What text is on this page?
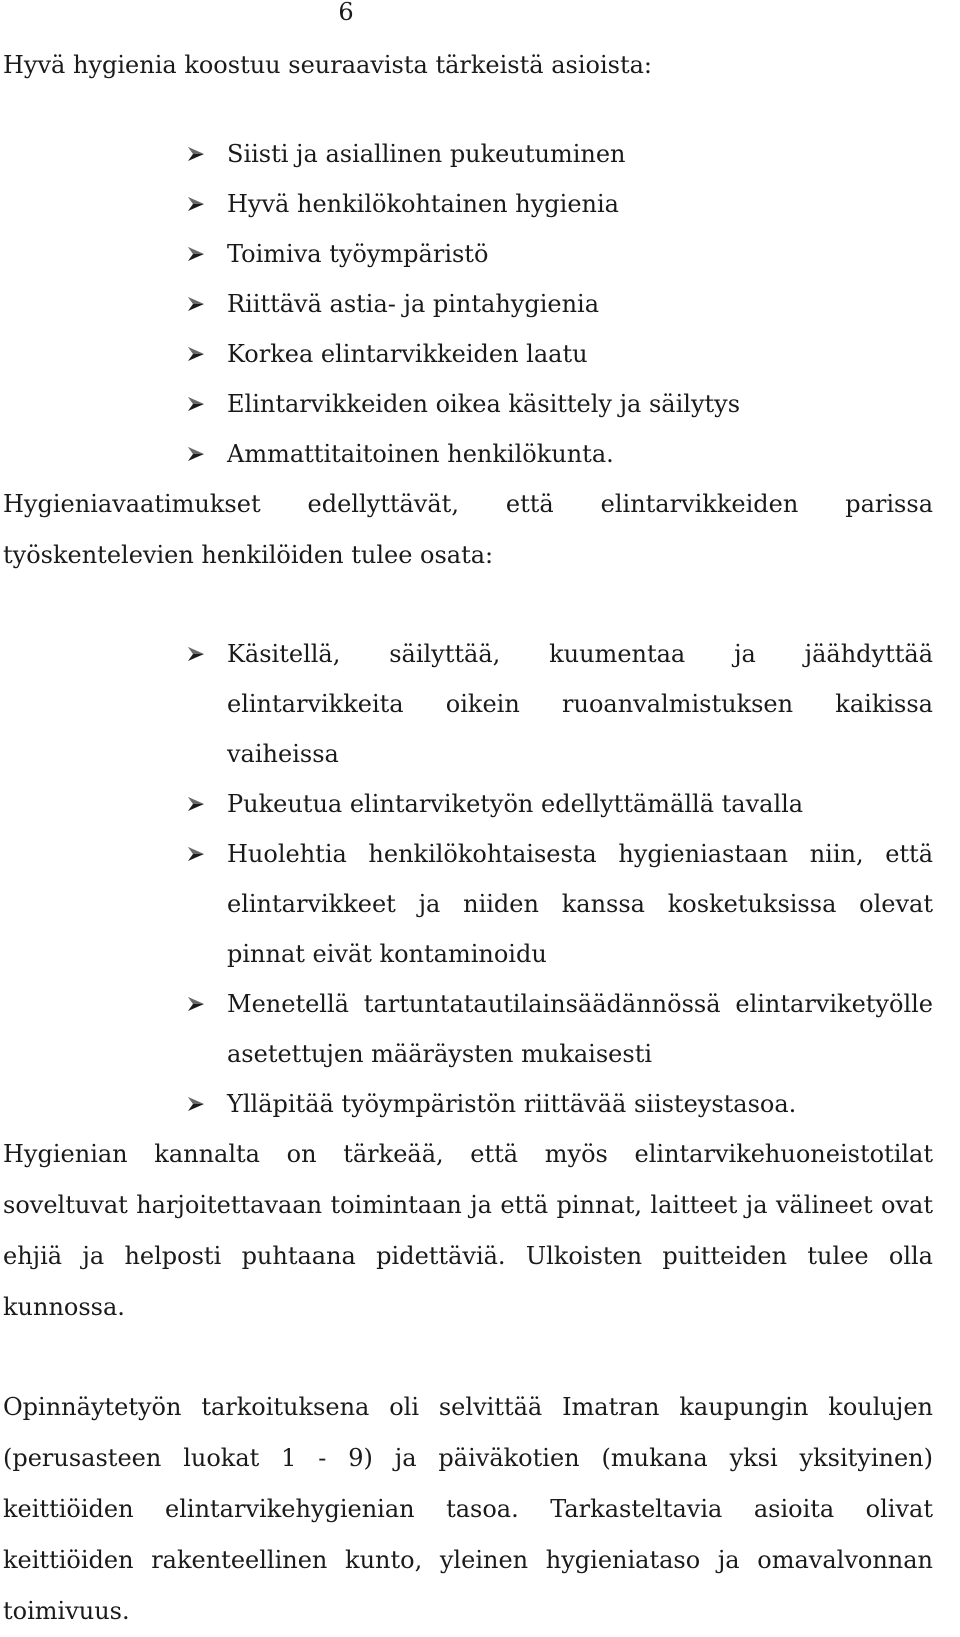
6

Hyvä hygienia koostuu seuraavista tärkeistä asioista:

Siisti ja asiallinen pukeutuminen
Hyvä henkilökohtainen hygienia
Toimiva työympäristö
Riittävä astia- ja pintahygienia
Korkea elintarvikkeiden laatu
Elintarvikkeiden oikea käsittely ja säilytys
Ammattitaitoinen henkilökunta.

Hygieniavaatimukset edellyttävät, että elintarvikkeiden parissa työskentelevien henkilöiden tulee osata:

Käsitellä, säilyttää, kuumentaa ja jäähdyttää elintarvikkeita oikein ruoanvalmistuksen kaikissa vaiheissa
Pukeutua elintarviketyön edellyttämällä tavalla
Huolehtia henkilökohtaisesta hygieniastaan niin, että elintarvikkeet ja niiden kanssa kosketuksissa olevat pinnat eivät kontaminoidu
Menetellä tartuntatautilainsäädännössä elintarviketyölle asetettujen määräysten mukaisesti
Ylläpitää työympäristön riittävää siisteystasoa.

Hygienian kannalta on tärkeää, että myös elintarvikehuoneistotilat soveltuvat harjoitettavaan toimintaan ja että pinnat, laitteet ja välineet ovat ehjiä ja helposti puhtaana pidettäviä. Ulkoisten puitteiden tulee olla kunnossa.

Opinnäytetyön tarkoituksena oli selvittää Imatran kaupungin koulujen (perusasteen luokat 1 - 9) ja päiväkotien (mukana yksi yksityinen) keittiöiden elintarvikehygienian tasoa. Tarkasteltavia asioita olivat keittiöiden rakenteellinen kunto, yleinen hygieniataso ja omavalvonnan toimivuus.
